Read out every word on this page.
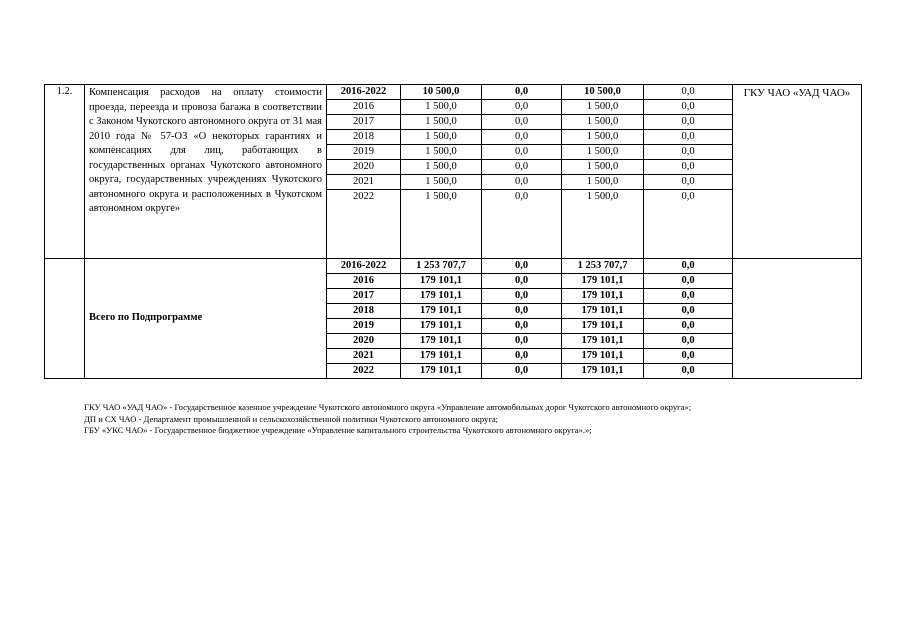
1.2.	Компенсация расходов на оплату стоимости проезда, переезда и провоза багажа в соответствии с Законом Чукотского автономного округа от 31 мая 2010 года № 57-ОЗ «О некоторых гарантиях и компенсациях для лиц, работающих в государственных органах Чукотского автономного округа, государственных учреждениях Чукотского автономного округа и расположенных в Чукотском автономном округе»	2016-2022	10 500,0	0,0	10 500,0	0,0	ГКУ ЧАО «УАД ЧАО»
		2016	1 500,0	0,0	1 500,0	0,0	
		2017	1 500,0	0,0	1 500,0	0,0	
		2018	1 500,0	0,0	1 500,0	0,0	
		2019	1 500,0	0,0	1 500,0	0,0	
		2020	1 500,0	0,0	1 500,0	0,0	
		2021	1 500,0	0,0	1 500,0	0,0	
		2022	1 500,0	0,0	1 500,0	0,0	
	Всего по Подпрограмме	2016-2022	1 253 707,7	0,0	1 253 707,7	0,0	
		2016	179 101,1	0,0	179 101,1	0,0	
		2017	179 101,1	0,0	179 101,1	0,0	
		2018	179 101,1	0,0	179 101,1	0,0	
		2019	179 101,1	0,0	179 101,1	0,0	
		2020	179 101,1	0,0	179 101,1	0,0	
		2021	179 101,1	0,0	179 101,1	0,0	
		2022	179 101,1	0,0	179 101,1	0,0	
ГКУ ЧАО «УАД ЧАО» - Государственное казенное учреждение Чукотского автономного округа «Управление автомобильных дорог Чукотского автономного округа»;
ДП и СХ ЧАО - Департамент промышленной и сельскохозяйственной политики Чукотского автономного округа;
ГБУ «УКС ЧАО» - Государственное бюджетное учреждение «Управление капитального строительства Чукотского автономного округа».»;
